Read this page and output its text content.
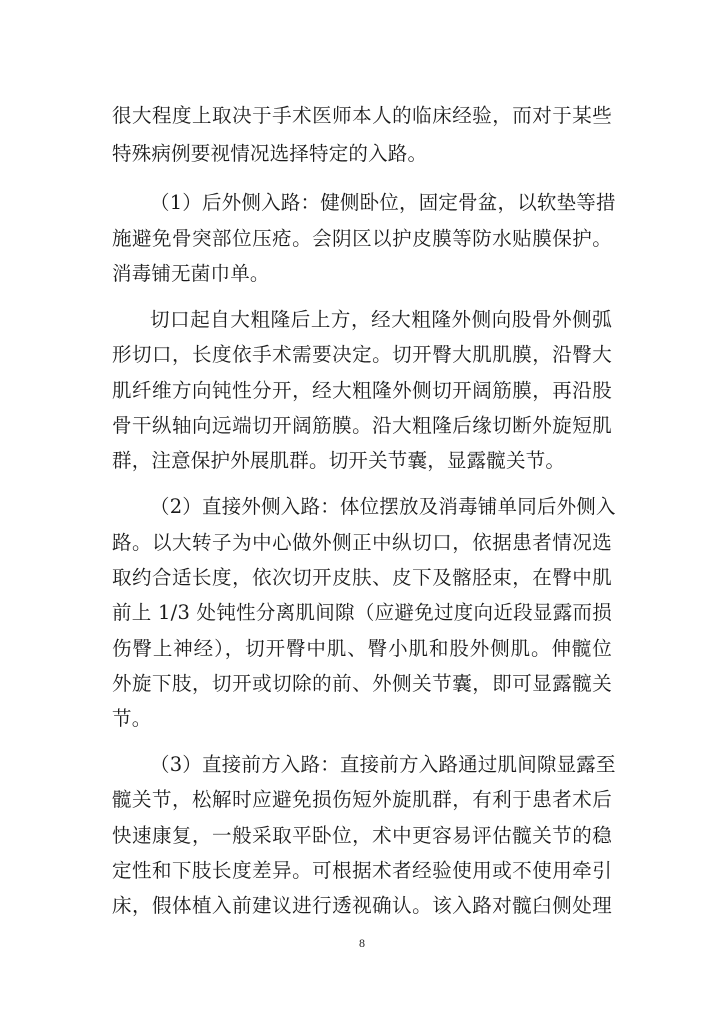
很大程度上取决于手术医师本人的临床经验，而对于某些
特殊病例要视情况选择特定的入路。
（1）后外侧入路：健侧卧位，固定骨盆，以软垫等措
施避免骨突部位压疮。会阴区以护皮膜等防水贴膜保护。
消毒铺无菌巾单。
切口起自大粗隆后上方，经大粗隆外侧向股骨外侧弧
形切口，长度依手术需要决定。切开臀大肌肌膜，沿臀大
肌纤维方向钝性分开，经大粗隆外侧切开阔筋膜，再沿股
骨干纵轴向远端切开阔筋膜。沿大粗隆后缘切断外旋短肌
群，注意保护外展肌群。切开关节囊，显露髋关节。
（2）直接外侧入路：体位摆放及消毒铺单同后外侧入
路。以大转子为中心做外侧正中纵切口，依据患者情况选
取约合适长度，依次切开皮肤、皮下及髂胫束，在臀中肌
前上 1/3 处钝性分离肌间隙（应避免过度向近段显露而损
伤臀上神经），切开臀中肌、臀小肌和股外侧肌。伸髋位
外旋下肢，切开或切除的前、外侧关节囊，即可显露髋关
节。
（3）直接前方入路：直接前方入路通过肌间隙显露至
髋关节，松解时应避免损伤短外旋肌群，有利于患者术后
快速康复，一般采取平卧位，术中更容易评估髋关节的稳
定性和下肢长度差异。可根据术者经验使用或不使用牵引
床，假体植入前建议进行透视确认。该入路对髋臼侧处理
8
